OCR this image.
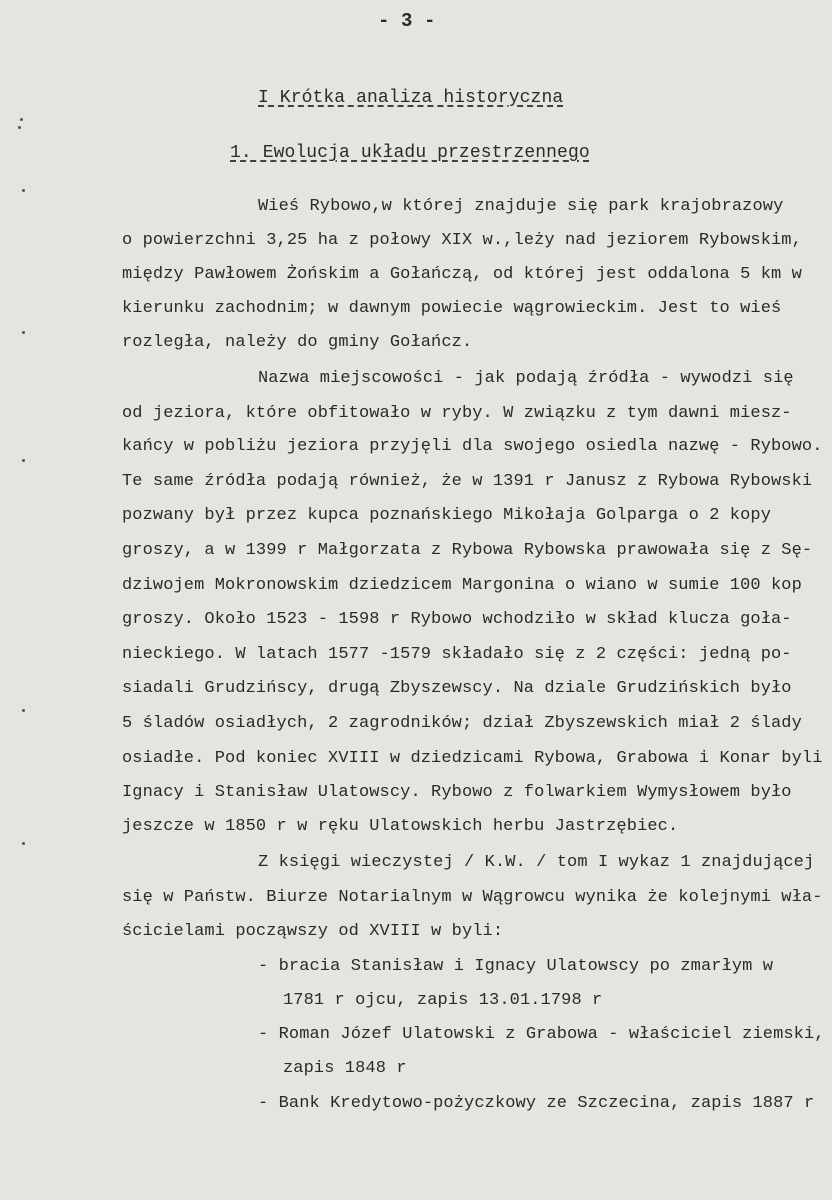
- 3 -
I Krótka analiza historyczna
1. Ewolucja układu przestrzennego
Wieś Rybowo,w której znajduje się park krajobrazowy
o powierzchni 3,25 ha z połowy XIX w.,leży nad jeziorem Rybowskim,
między Pawłowem Żońskim a Gołańczą, od której jest oddalona 5 km w
kierunku zachodnim; w dawnym powiecie wągrowieckim. Jest to wieś
rozległa, należy do gminy Gołańcz.
Nazwa miejscowości - jak podają źródła - wywodzi się
od jeziora, które obfitowało w ryby. W związku z tym dawni miesz-
kańcy w pobliżu jeziora przyjęli dla swojego osiedla nazwę - Rybowo.
Te same źródła podają również, że w 1391 r Janusz z Rybowa Rybowski
pozwany był przez kupca poznańskiego Mikołaja Golparga o 2 kopy
groszy, a w 1399 r Małgorzata z Rybowa Rybowska prawowała się z Sę-
dziwojem Mokronowskim dziedzicem Margonina o wiano w sumie 100 kop
groszy. Około 1523 - 1598 r Rybowo wchodziło w skład klucza goła-
nieckiego. W latach 1577 -1579 składało się z 2 części: jedną po-
siadali Grudzińscy, drugą Zbyszewscy. Na dziale Grudzińskich było
5 śladów osiadłych, 2 zagrodników; dział Zbyszewskich miał 2 ślady
osiadłe. Pod koniec XVIII w dziedzicami Rybowa, Grabowa i Konar byli
Ignacy i Stanisław Ulatowscy. Rybowo z folwarkiem Wymysłowem było
jeszcze w 1850 r w ręku Ulatowskich herbu Jastrzębiec.
Z księgi wieczystej / K.W. / tom I wykaz 1 znajdującej
się w Państw. Biurze Notarialnym w Wągrowcu wynika że kolejnymi wła-
ścicielami począwszy od XVIII w byli:
- bracia Stanisław i Ignacy Ulatowscy po zmarłym w
1781 r ojcu, zapis 13.01.1798 r
- Roman Józef Ulatowski z Grabowa - właściciel ziemski,
zapis 1848 r
- Bank Kredytowo-pożyczkowy ze Szczecina, zapis 1887 r
